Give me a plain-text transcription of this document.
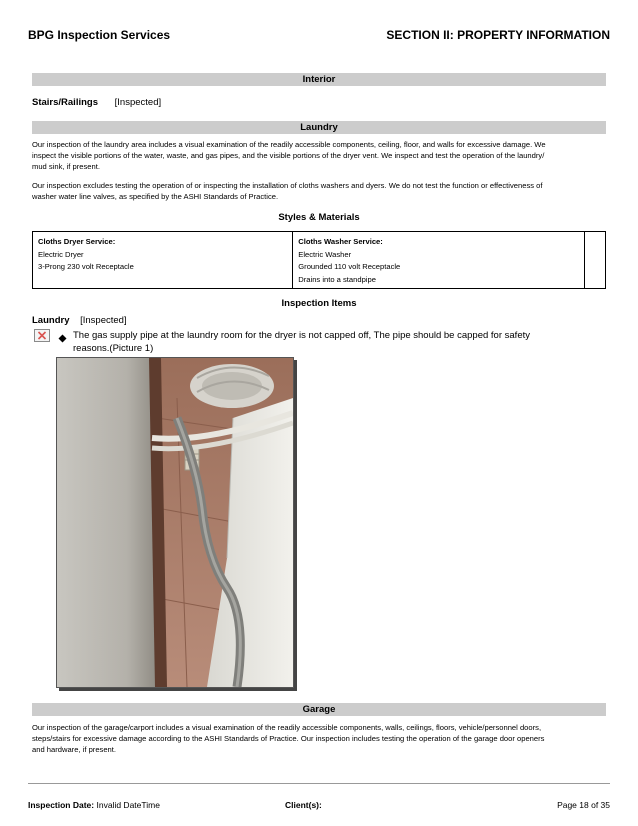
BPG Inspection Services	SECTION II: PROPERTY INFORMATION
Interior
Stairs/Railings [Inspected]
Laundry
Our inspection of the laundry area includes a visual examination of the readily accessible components, ceiling, floor, and walls for excessive damage. We
inspect the visible portions of the water, waste, and gas pipes, and the visible portions of the dryer vent. We inspect and test the operation of the laundry/
mud sink, if present.
Our inspection excludes testing the operation of or inspecting the installation of cloths washers and dyers. We do not test the function or effectiveness of
washer water line valves, as specified by the ASHI Standards of Practice.
Styles & Materials
Cloths Dryer Service:
Electric Dryer
3-Prong 230 volt Receptacle

Cloths Washer Service:
Electric Washer
Grounded 110 volt Receptacle
Drains into a standpipe

Inspection Items
Laundry [Inspected]
The gas supply pipe at the laundry room for the dryer is not capped off, The pipe should be capped for safety
reasons.(Picture 1)
Garage
Our inspection of the garage/carport includes a visual examination of the readily accessible components, walls, ceilings, floors, vehicle/personnel doors,
steps/stairs for excessive damage according to the ASHI Standards of Practice. Our inspection includes testing the operation of the garage door openers
and hardware, if present.
Inspection Date: Invalid DateTime	Client(s):	Page 18 of 35
